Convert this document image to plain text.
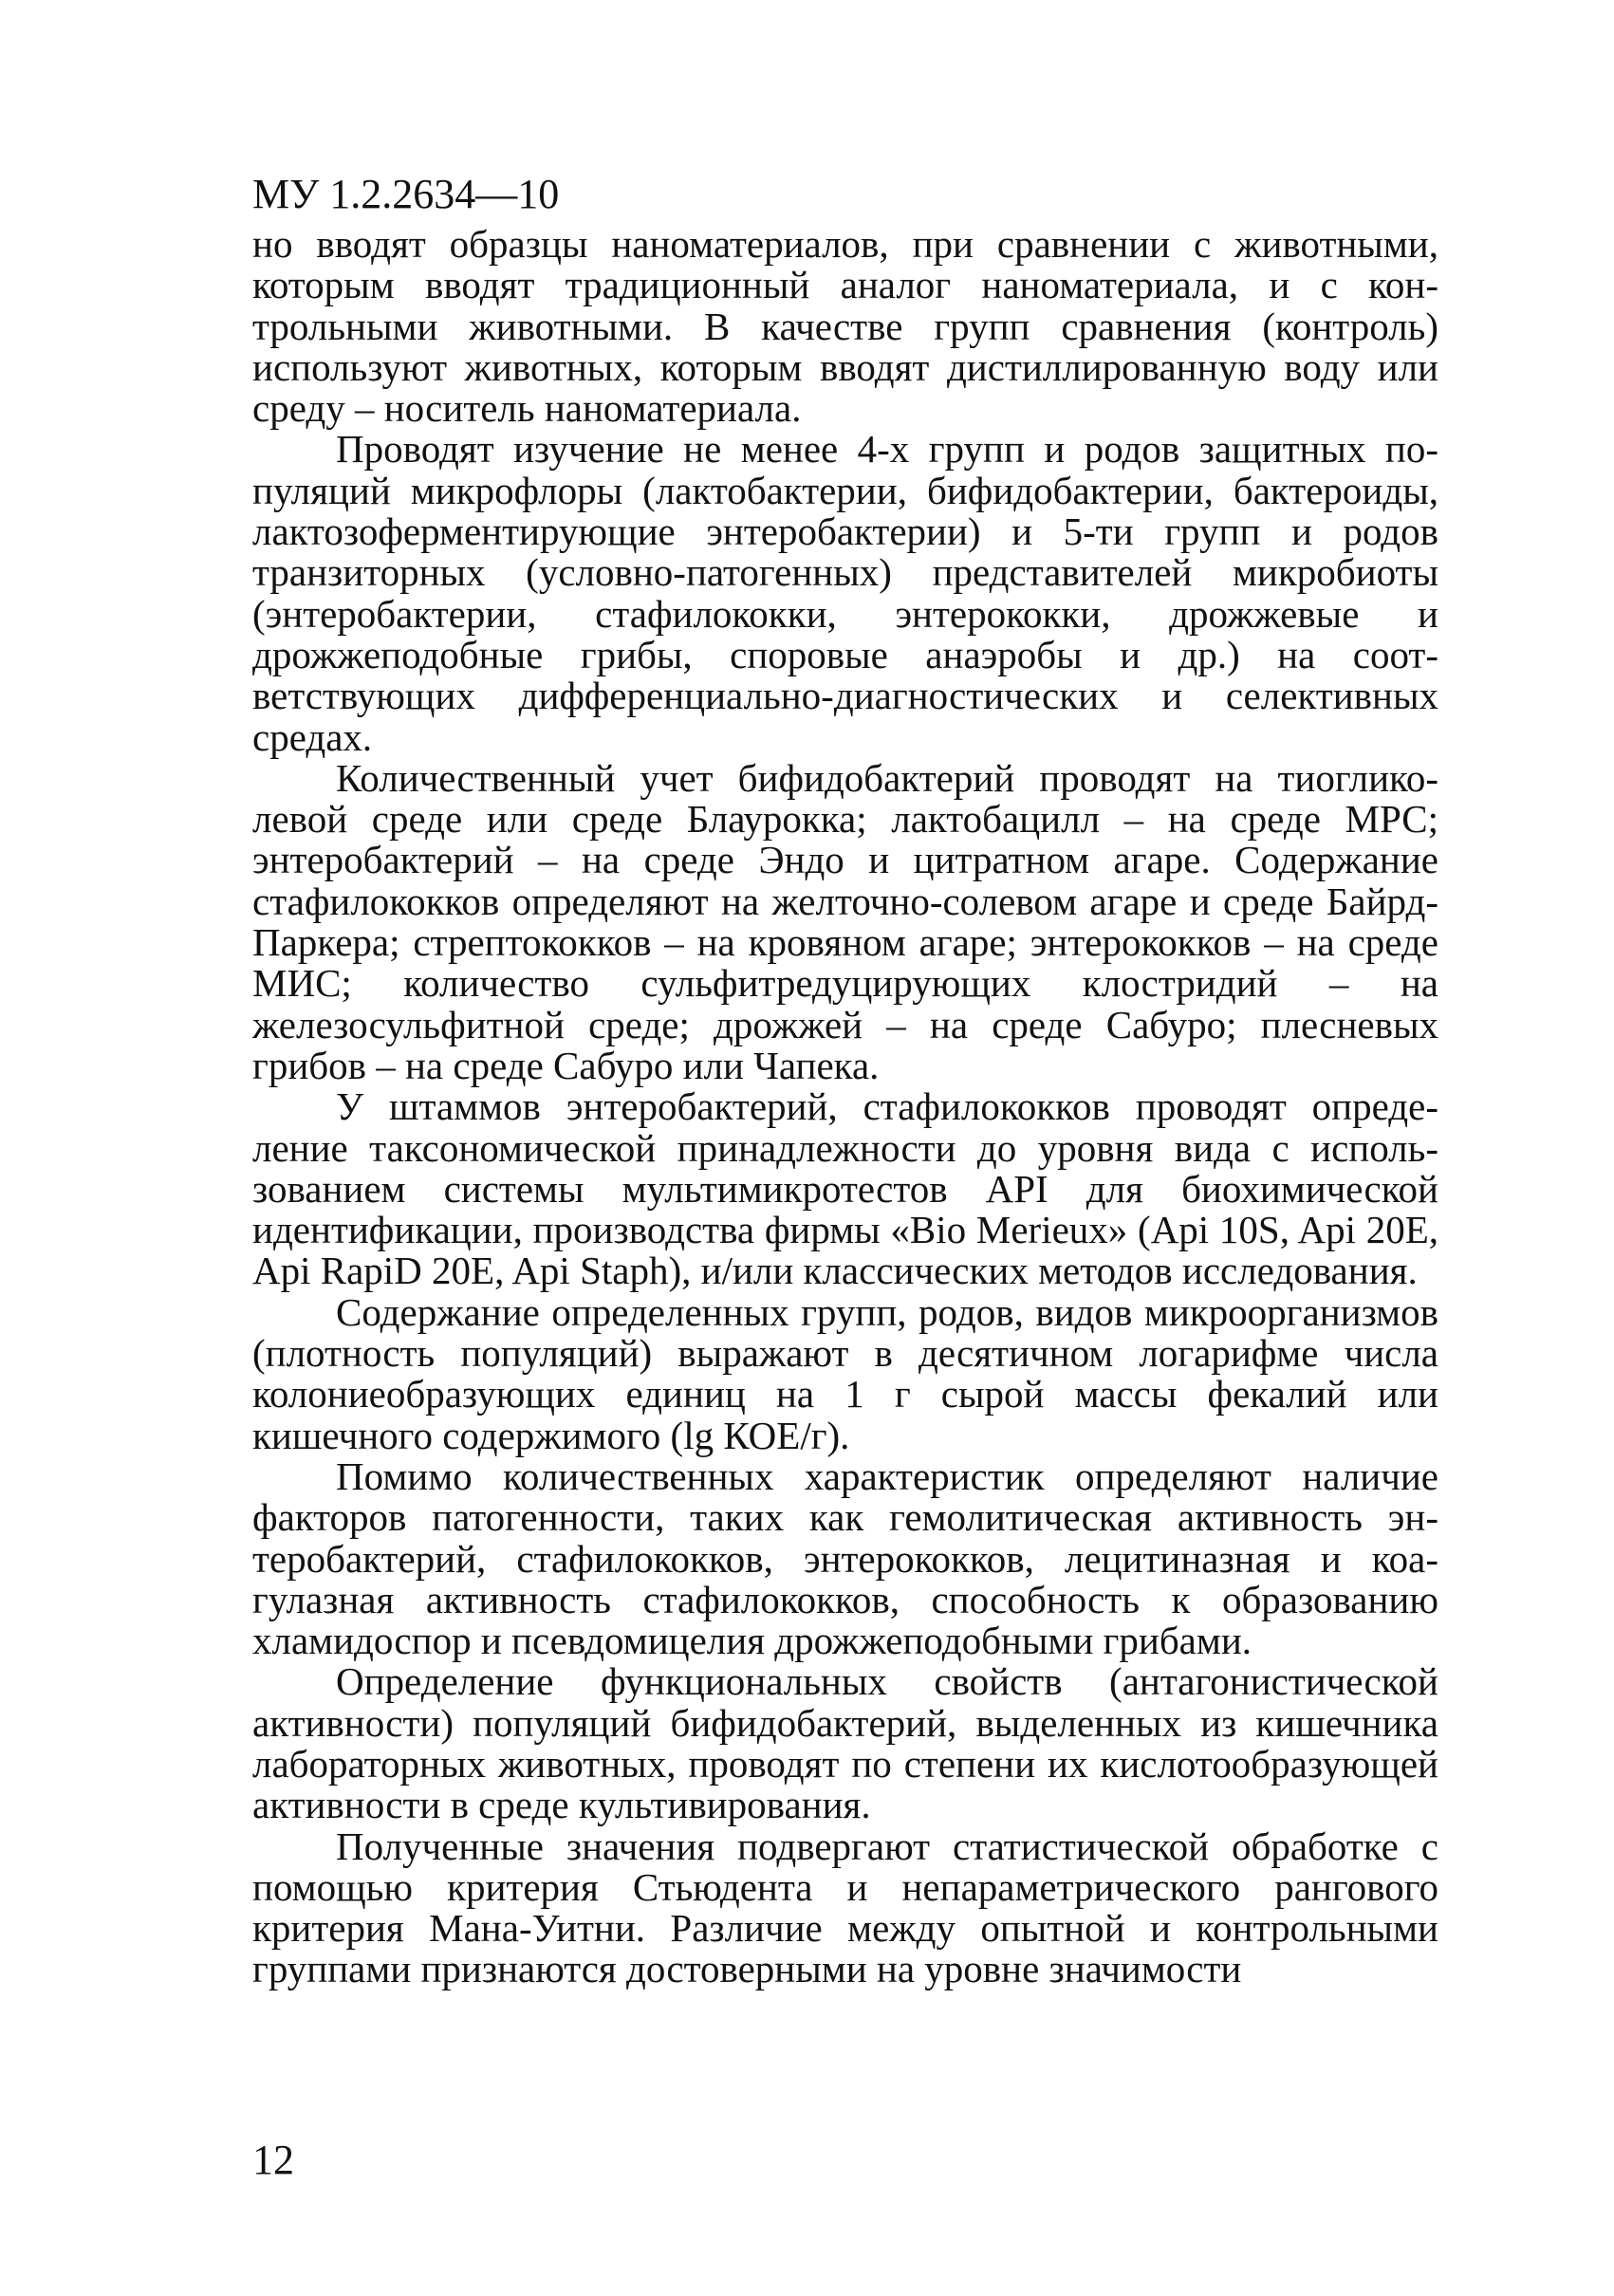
МУ 1.2.2634—10

но вводят образцы наноматериалов, при сравнении с животными, которым вводят традиционный аналог наноматериала, и с контрольными животными. В качестве групп сравнения (контроль) используют животных, которым вводят дистиллированную воду или среду – носитель наноматериала.

Проводят изучение не менее 4-х групп и родов защитных популяций микрофлоры (лактобактерии, бифидобактерии, бактероиды, лактозоферментирующие энтеробактерии) и 5-ти групп и родов транзиторных (условно-патогенных) представителей микробиоты (энтеробактерии, стафилококки, энтерококки, дрожжевые и дрожжеподобные грибы, споровые анаэробы и др.) на соответствующих дифференциально-диагностических и селективных средах.

Количественный учет бифидобактерий проводят на тиогликолевой среде или среде Блаурокка; лактобацилл – на среде МРС; энтеробактерий – на среде Эндо и цитратном агаре. Содержание стафилококков определяют на желточно-солевом агаре и среде Байрд-Паркера; стрептококков – на кровяном агаре; энтерококков – на среде МИС; количество сульфитредуцирующих клостридий – на железосульфитной среде; дрожжей – на среде Сабуро; плесневых грибов – на среде Сабуро или Чапека.

У штаммов энтеробактерий, стафилококков проводят определение таксономической принадлежности до уровня вида с использованием системы мультимикротестов API для биохимической идентификации, производства фирмы «Bio Merieux» (Api 10S, Api 20E, Api RapiD 20E, Api Staph), и/или классических методов исследования.

Содержание определенных групп, родов, видов микроорганизмов (плотность популяций) выражают в десятичном логарифме числа колониеобразующих единиц на 1 г сырой массы фекалий или кишечного содержимого (lg КОЕ/г).

Помимо количественных характеристик определяют наличие факторов патогенности, таких как гемолитическая активность энтеробактерий, стафилококков, энтерококков, лецитиназная и коагулазная активность стафилококков, способность к образованию хламидоспор и псевдомицелия дрожжеподобными грибами.

Определение функциональных свойств (антагонистической активности) популяций бифидобактерий, выделенных из кишечника лабораторных животных, проводят по степени их кислотообразующей активности в среде культивирования.

Полученные значения подвергают статистической обработке с помощью критерия Стьюдента и непараметрического рангового критерия Мана-Уитни. Различие между опытной и контрольными группами признаются достоверными на уровне значимости

12
